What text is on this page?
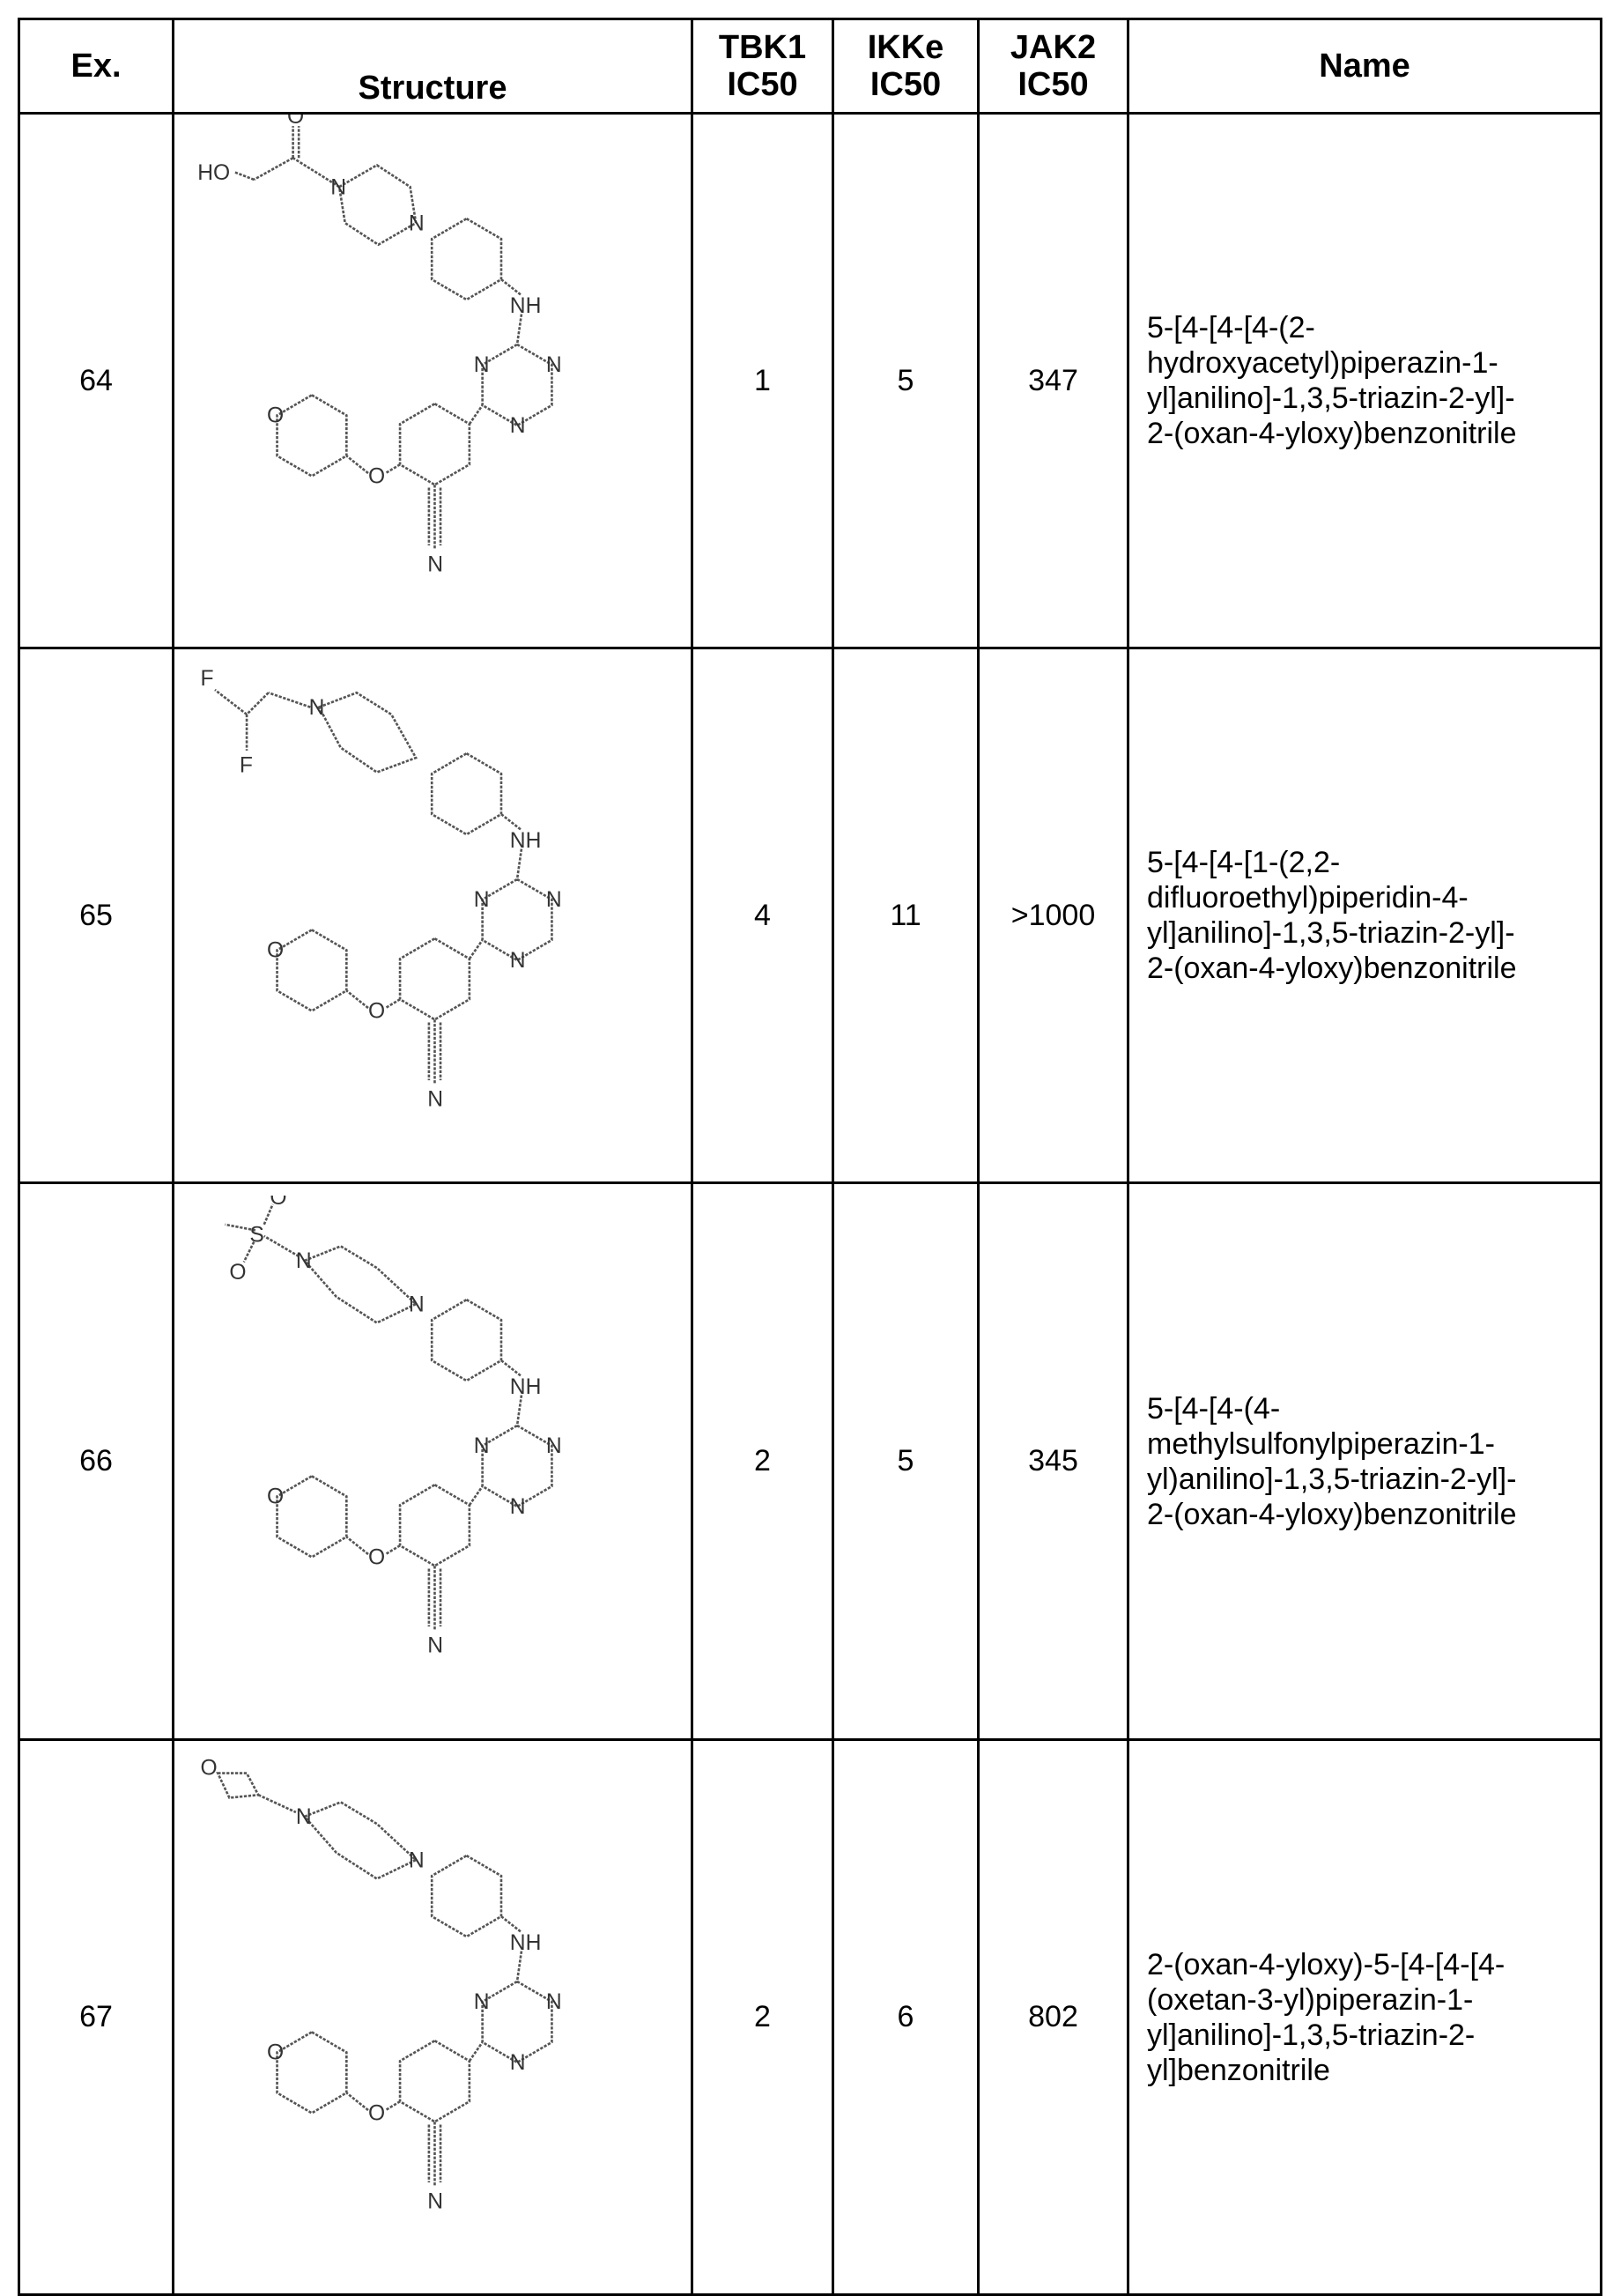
Ex.	Structure	TBK1
IC50	IKKe
IC50	JAK2
IC50	Name
64	
HO
O
N
N
NH
N	N
N
O
O
N
	1	5	347	5-[4-[4-[4-(2-
hydroxyacetyl)piperazin-1-
yl]anilino]-1,3,5-triazin-2-yl]-
2-(oxan-4-yloxy)benzonitrile
65	
F
F
N
NH
N	N
N
O
O
N
	4	11	>1000	5-[4-[4-[1-(2,2-
difluoroethyl)piperidin-4-
yl]anilino]-1,3,5-triazin-2-yl]-
2-(oxan-4-yloxy)benzonitrile
66	
S
O
O	N
N
NH
N	N
N
O
O
N
	2	5	345	5-[4-[4-(4-
methylsulfonylpiperazin-1-
yl)anilino]-1,3,5-triazin-2-yl]-
2-(oxan-4-yloxy)benzonitrile
67	
O
N
N
NH
N	N
N
O
O
N
	2	6	802	2-(oxan-4-yloxy)-5-[4-[4-[4-
(oxetan-3-yl)piperazin-1-
yl]anilino]-1,3,5-triazin-2-
yl]benzonitrile
